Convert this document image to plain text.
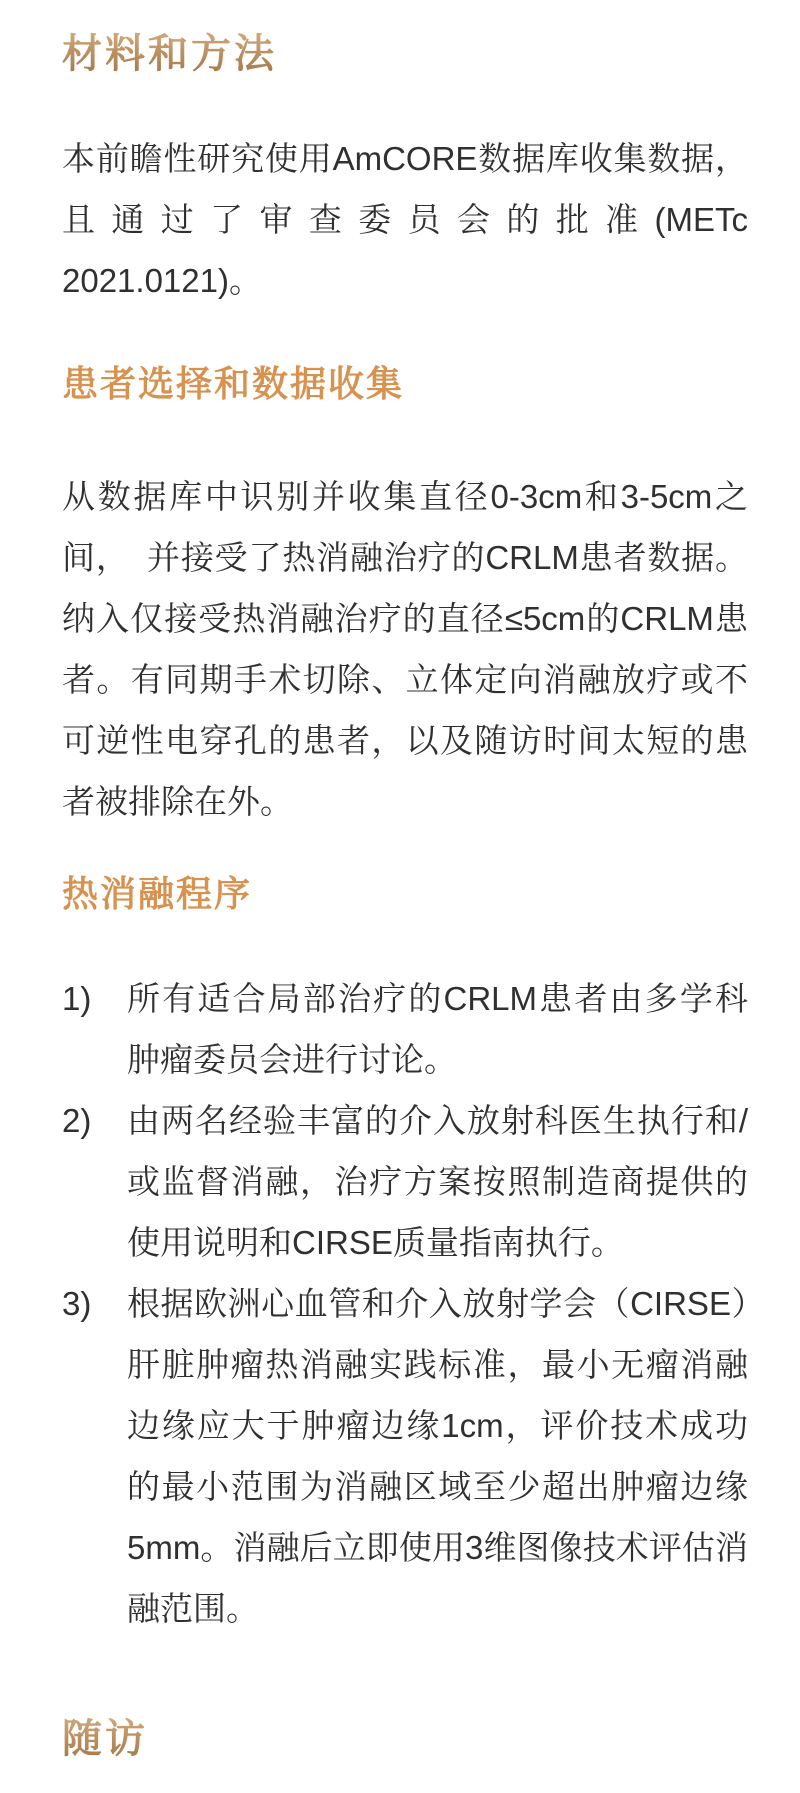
材料和方法

本前瞻性研究使用AmCORE数据库收集数据，且通过了审查委员会的批准(METc 2021.0121)。

患者选择和数据收集

从数据库中识别并收集直径0-3cm和3-5cm之间，　并接受了热消融治疗的CRLM患者数据。纳入仅接受热消融治疗的直径≤5cm的CRLM患者。有同期手术切除、立体定向消融放疗或不可逆性电穿孔的患者，以及随访时间太短的患者被排除在外。

热消融程序
1)	所有适合局部治疗的CRLM患者由多学科肿瘤委员会进行讨论。
2)	由两名经验丰富的介入放射科医生执行和/或监督消融，治疗方案按照制造商提供的使用说明和CIRSE质量指南执行。
3)	根据欧洲心血管和介入放射学会（CIRSE）肝脏肿瘤热消融实践标准，最小无瘤消融边缘应大于肿瘤边缘1cm，评价技术成功的最小范围为消融区域至少超出肿瘤边缘5mm。消融后立即使用3维图像技术评估消融范围。
随访
